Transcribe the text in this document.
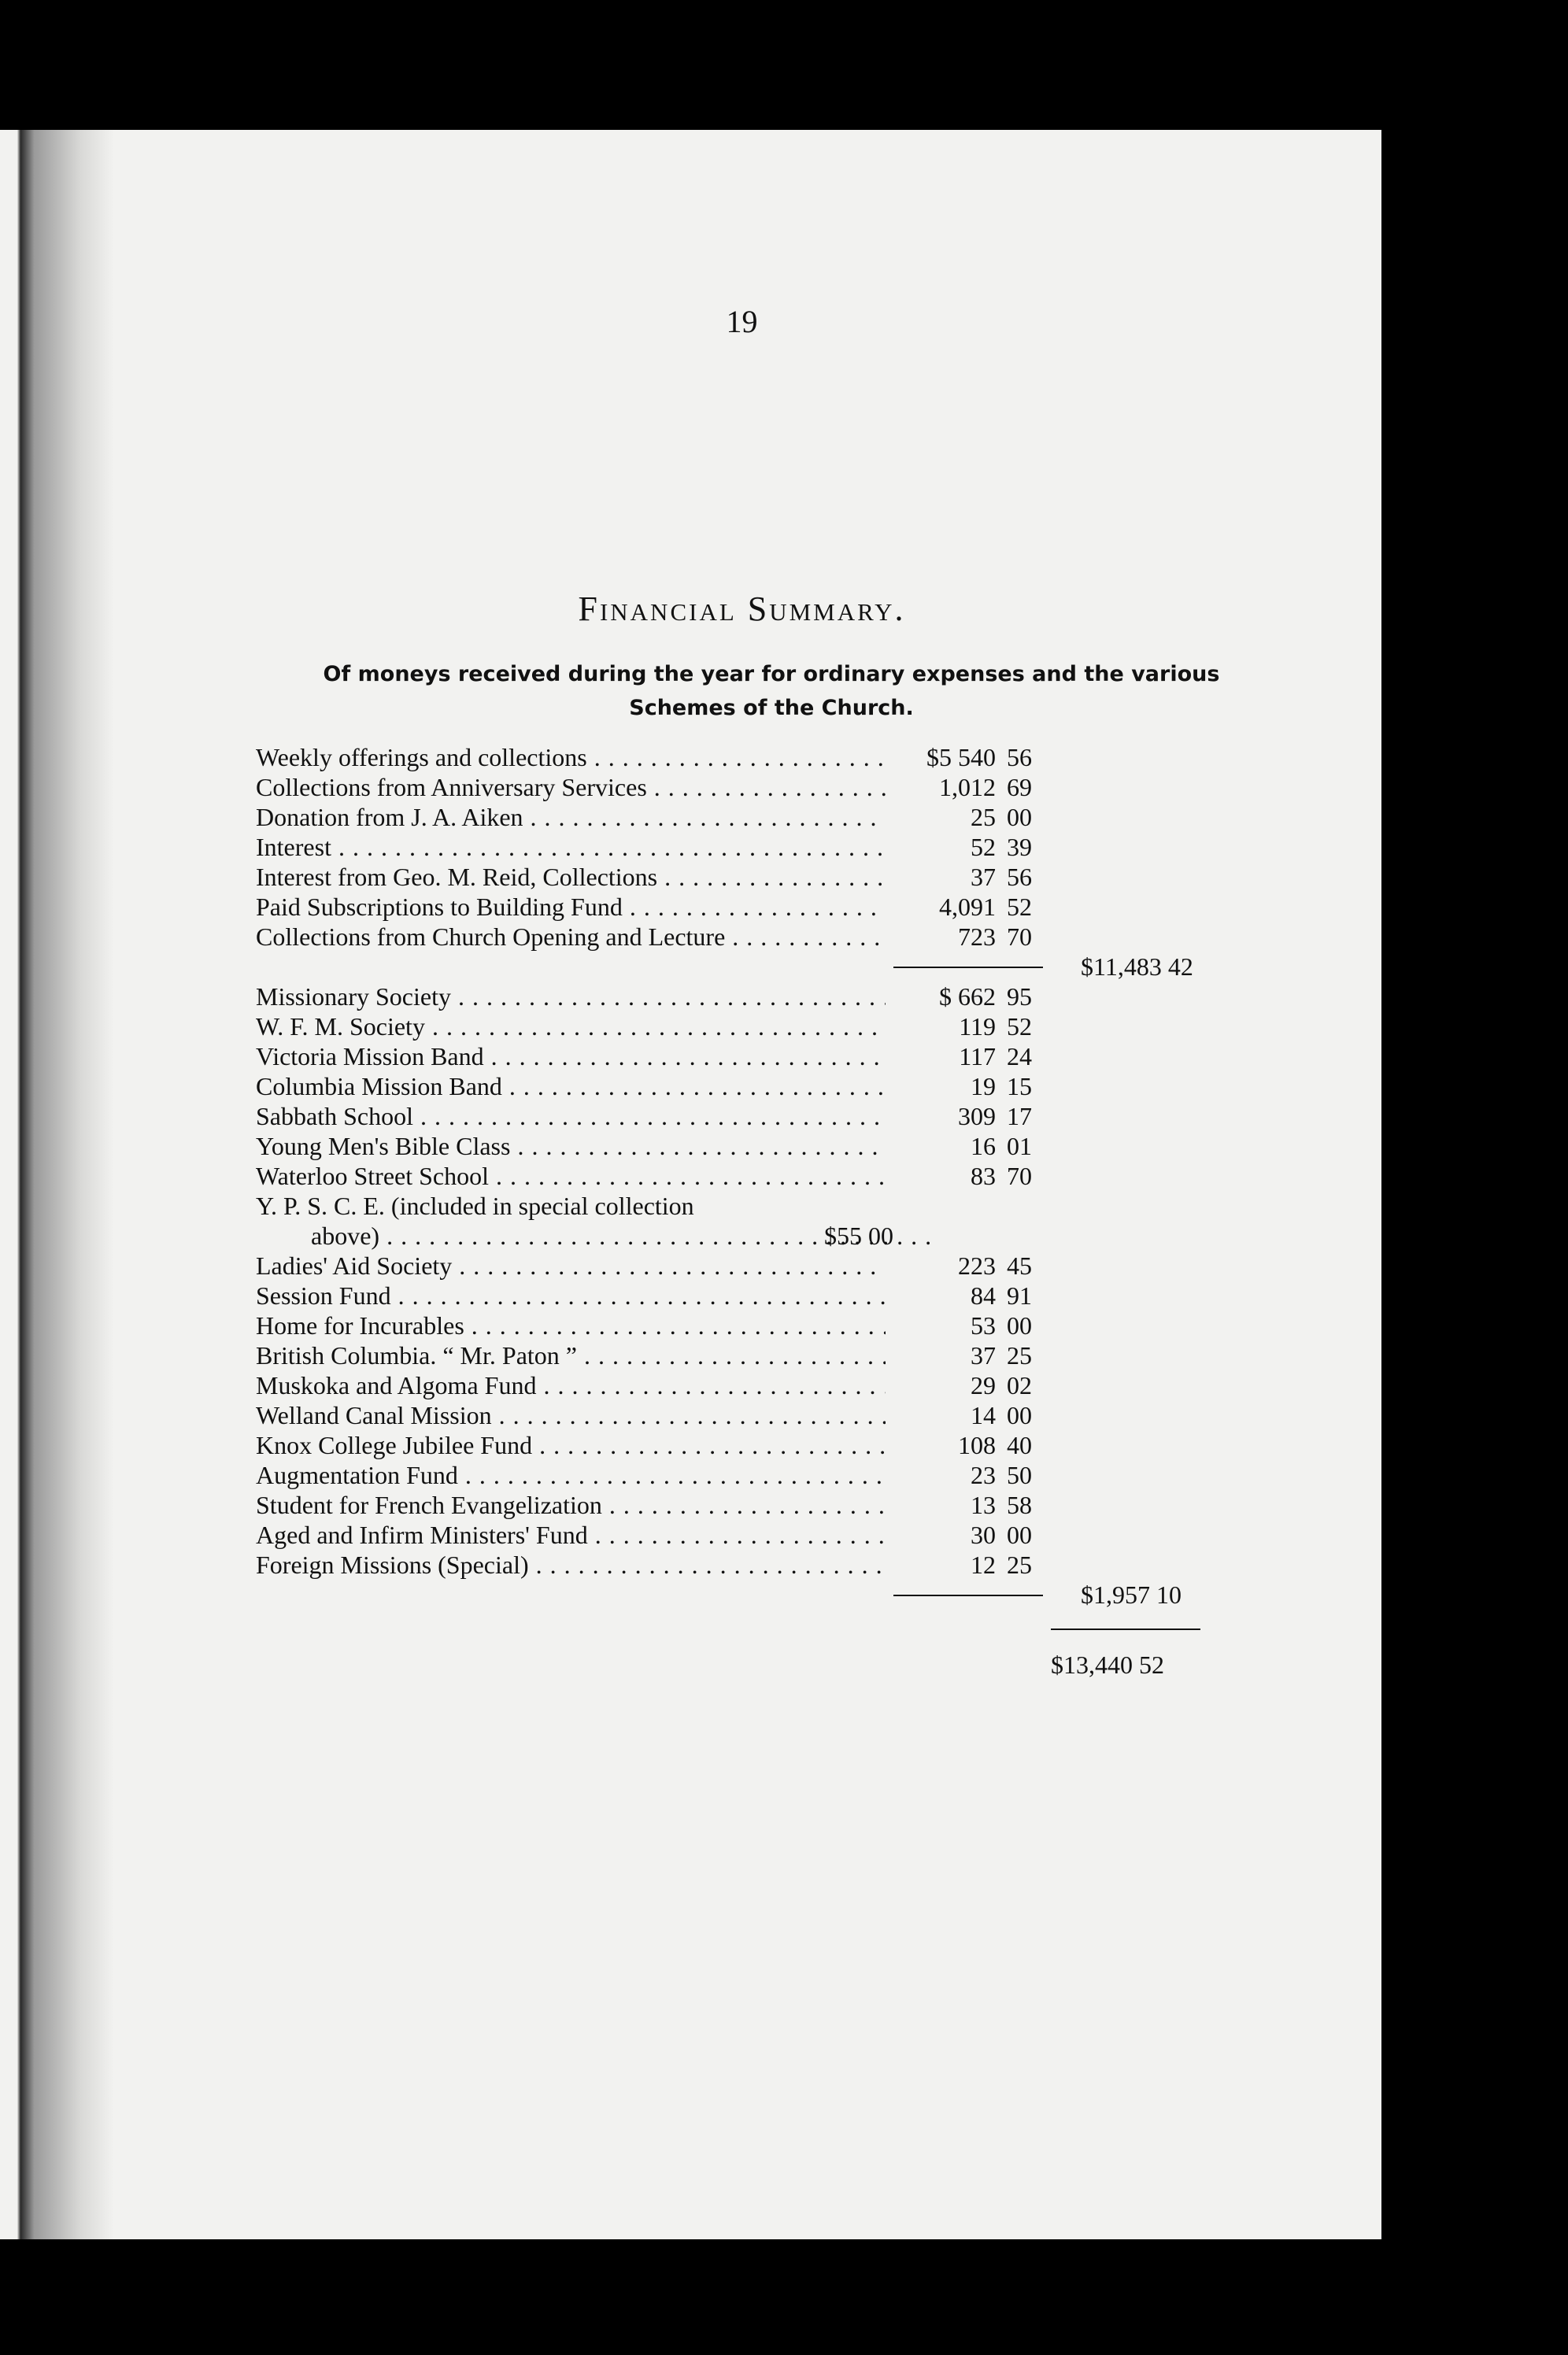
19
Financial Summary.
Of moneys received during the year for ordinary expenses and the various
Schemes of the Church.
Weekly offerings and collections . . .	$5 540 56
Collections from Anniversary Services . . .	1,012 69
Donation from J. A. Aiken . . .	25 00
Interest . . .	52 39
Interest from Geo. M. Reid, Collections . . .	37 56
Paid Subscriptions to Building Fund . . .	4,091 52
Collections from Church Opening and Lecture . . .	723 70
$11,483 42
Missionary Society . . .	$ 662 95
W. F. M. Society . . .	119 52
Victoria Mission Band . . .	117 24
Columbia Mission Band . . .	19 15
Sabbath School . . .	309 17
Young Men's Bible Class . . .	16 01
Waterloo Street School . . .	83 70
Y. P. S. C. E. (included in special collection
above) . . .	$55 00
Ladies' Aid Society . . .	223 45
Session Fund . . .	84 91
Home for Incurables . . .	53 00
British Columbia. “ Mr. Paton ” . . .	37 25
Muskoka and Algoma Fund . . .	29 02
Welland Canal Mission . . .	14 00
Knox College Jubilee Fund . . .	108 40
Augmentation Fund . . .	23 50
Student for French Evangelization . . .	13 58
Aged and Infirm Ministers' Fund . . .	30 00
Foreign Missions (Special) . . .	12 25
$1,957 10
$13,440 52
